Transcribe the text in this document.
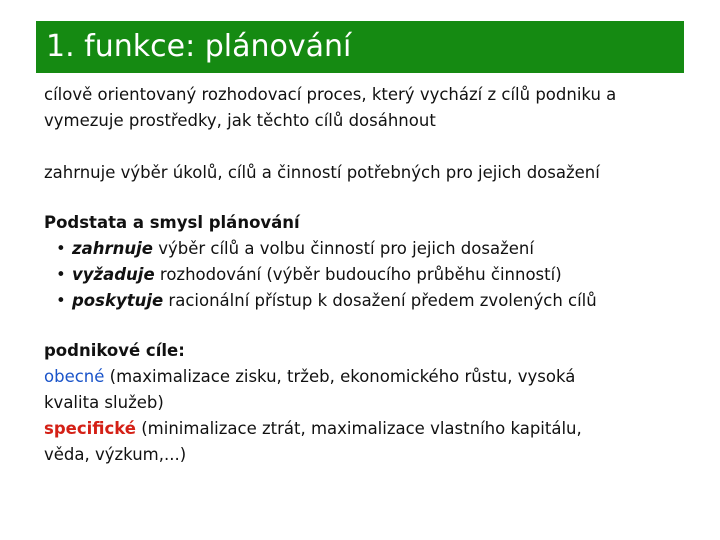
1. funkce: plánování
cílově orientovaný rozhodovací proces, který vychází z cílů podniku a
vymezuje prostředky, jak těchto cílů dosáhnout
zahrnuje výběr úkolů, cílů a činností potřebných pro jejich dosažení
Podstata a smysl plánování
• zahrnuje výběr cílů a volbu činností pro jejich dosažení
• vyžaduje rozhodování (výběr budoucího průběhu činností)
• poskytuje racionální přístup k dosažení předem zvolených cílů
podnikové cíle:
obecné (maximalizace zisku, tržeb, ekonomického růstu, vysoká
kvalita služeb)
specifické (minimalizace ztrát, maximalizace vlastního kapitálu,
věda, výzkum,...)
